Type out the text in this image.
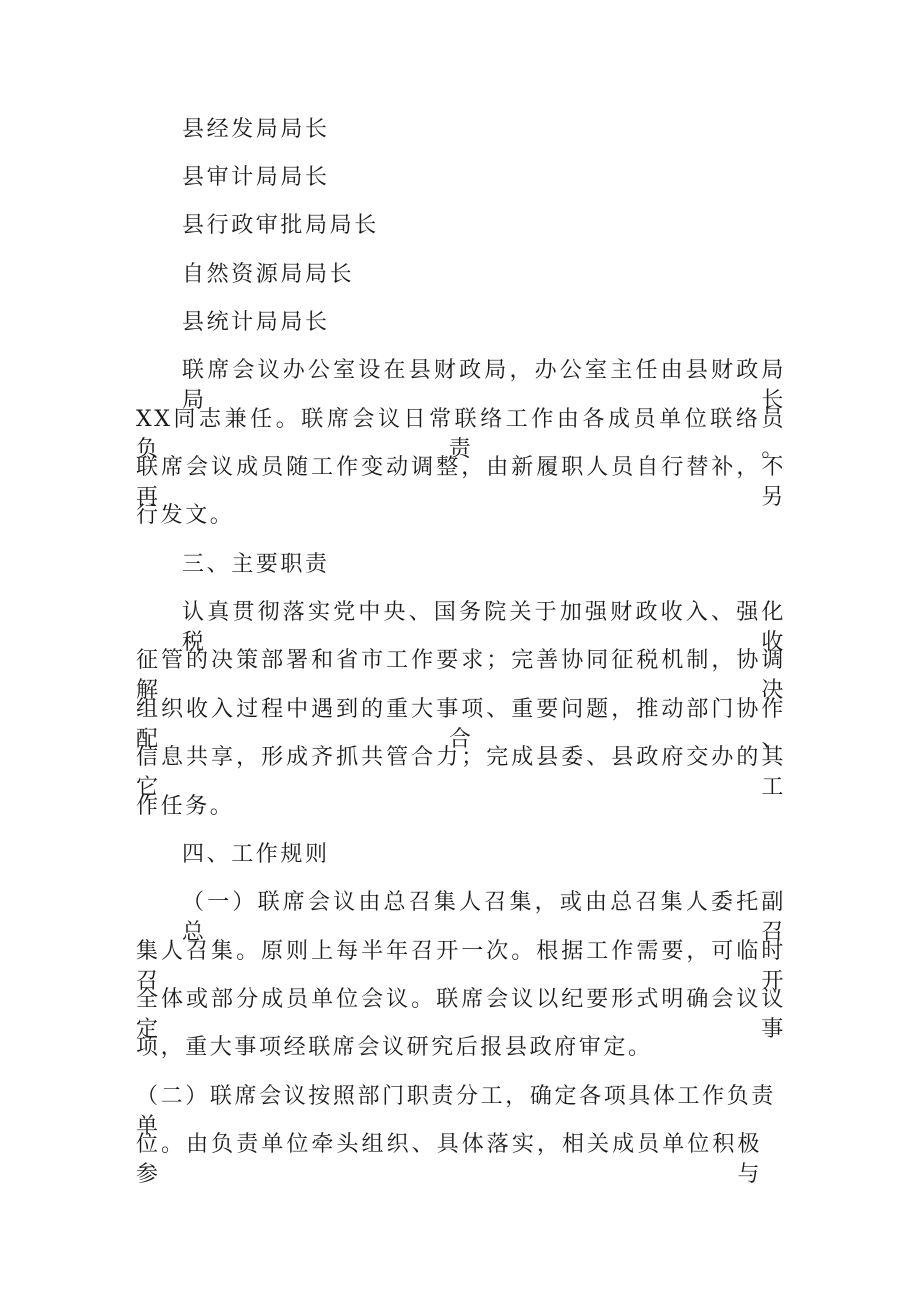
县经发局局长
县审计局局长
县行政审批局局长
自然资源局局长
县统计局局长
联席会议办公室设在县财政局，办公室主任由县财政局局长
XX同志兼任。联席会议日常联络工作由各成员单位联络员负责。
联席会议成员随工作变动调整，由新履职人员自行替补，不再另
行发文。
三、主要职责
认真贯彻落实党中央、国务院关于加强财政收入、强化税收
征管的决策部署和省市工作要求；完善协同征税机制，协调解决
组织收入过程中遇到的重大事项、重要问题，推动部门协作配合、
信息共享，形成齐抓共管合力；完成县委、县政府交办的其它工
作任务。
四、工作规则
（一）联席会议由总召集人召集，或由总召集人委托副总召
集人召集。原则上每半年召开一次。根据工作需要，可临时召开
全体或部分成员单位会议。联席会议以纪要形式明确会议议定事
项，重大事项经联席会议研究后报县政府审定。
（二）联席会议按照部门职责分工，确定各项具体工作负责单
位。由负责单位牵头组织、具体落实，相关成员单位积极参与
